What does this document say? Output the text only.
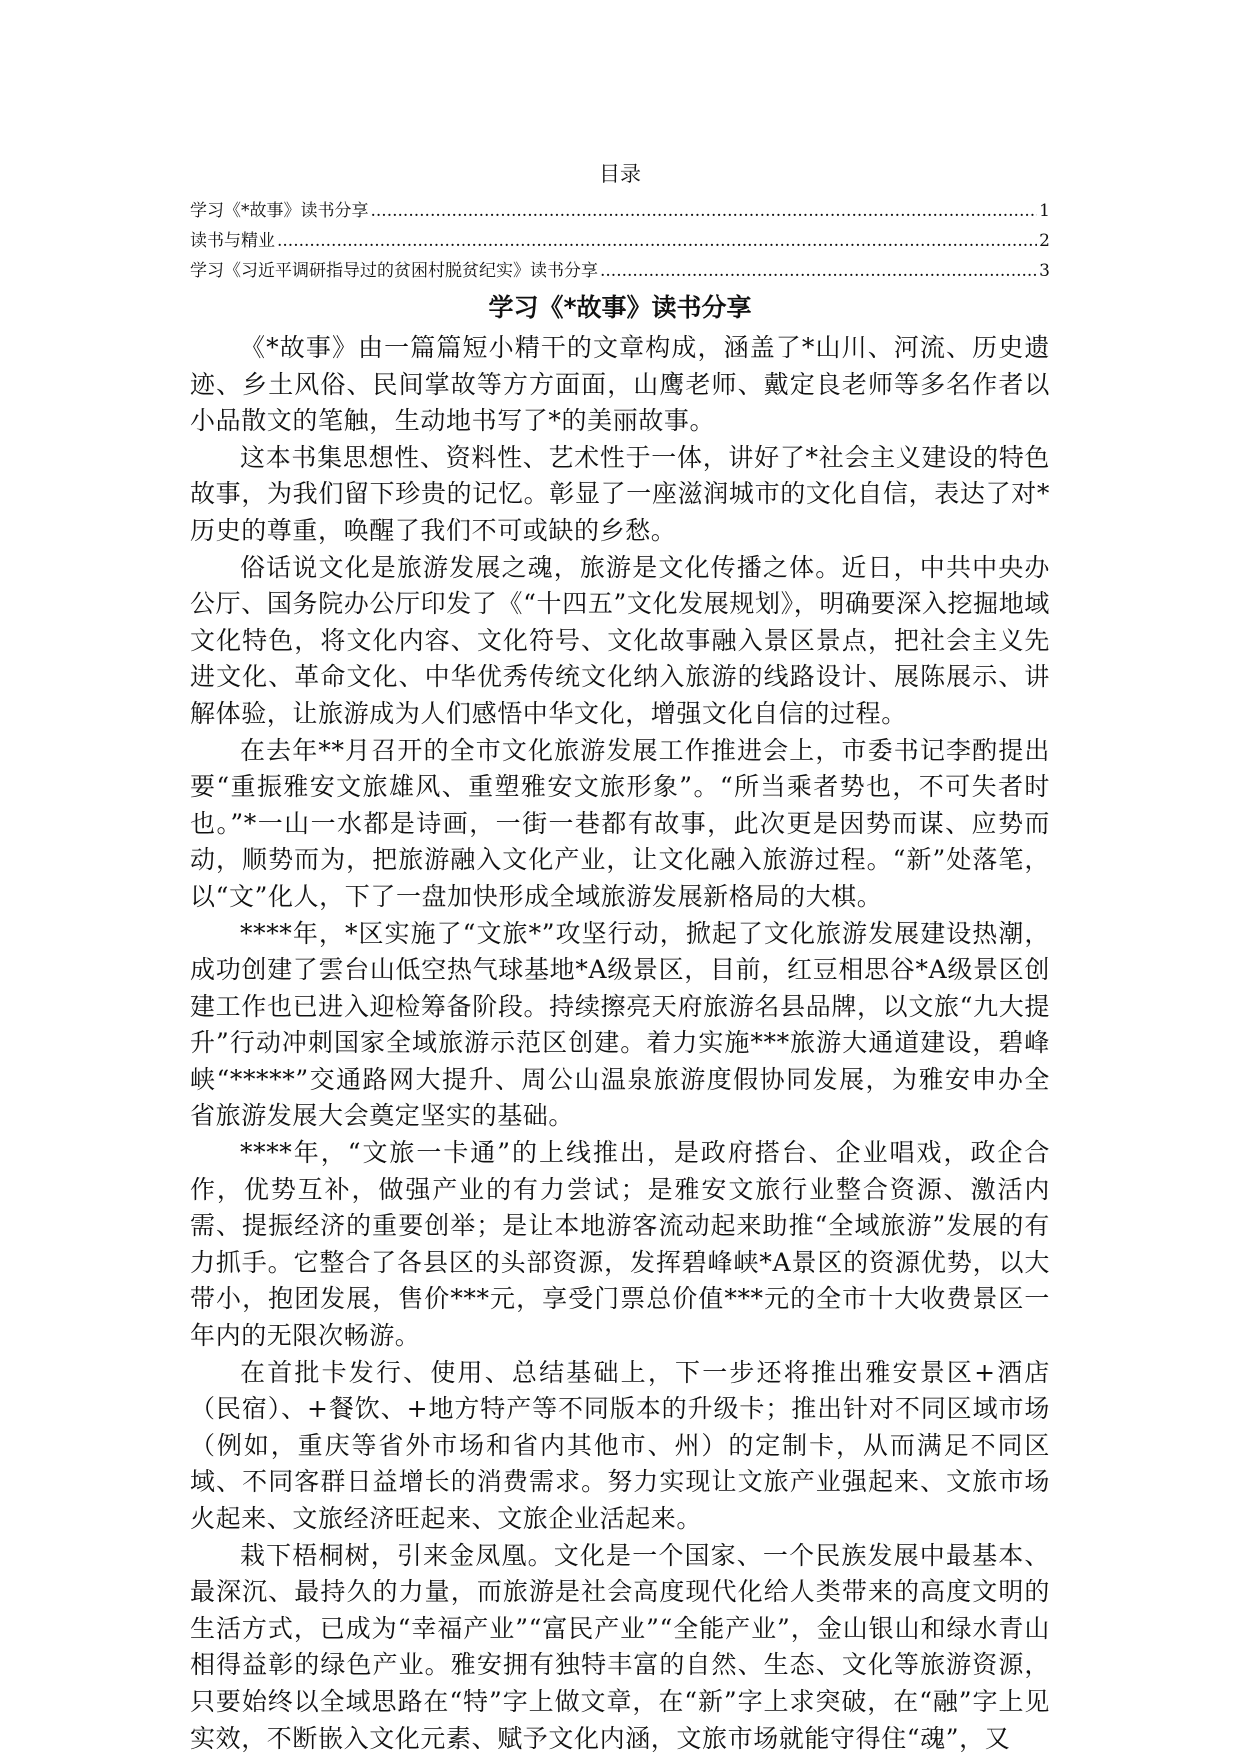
目录
学习《*故事》读书分享 .....	1
读书与精业 .....	2
学习《习近平调研指导过的贫困村脱贫纪实》读书分享 .....	3
学习《*故事》读书分享

《*故事》由一篇篇短小精干的文章构成，涵盖了*山川、河流、历史遗迹、乡土风俗、民间掌故等方方面面，山鹰老师、戴定良老师等多名作者以小品散文的笔触，生动地书写了*的美丽故事。

这本书集思想性、资料性、艺术性于一体，讲好了*社会主义建设的特色故事，为我们留下珍贵的记忆。彰显了一座滋润城市的文化自信，表达了对*历史的尊重，唤醒了我们不可或缺的乡愁。

俗话说文化是旅游发展之魂，旅游是文化传播之体。近日，中共中央办公厅、国务院办公厅印发了《“十四五”文化发展规划》，明确要深入挖掘地域文化特色，将文化内容、文化符号、文化故事融入景区景点，把社会主义先进文化、革命文化、中华优秀传统文化纳入旅游的线路设计、展陈展示、讲解体验，让旅游成为人们感悟中华文化，增强文化自信的过程。

在去年**月召开的全市文化旅游发展工作推进会上，市委书记李酌提出要“重振雅安文旅雄风、重塑雅安文旅形象”。“所当乘者势也，不可失者时也。”*一山一水都是诗画，一街一巷都有故事，此次更是因势而谋、应势而动，顺势而为，把旅游融入文化产业，让文化融入旅游过程。“新”处落笔，以“文”化人，下了一盘加快形成全域旅游发展新格局的大棋。

****年，*区实施了“文旅*”攻坚行动，掀起了文化旅游发展建设热潮，成功创建了雲台山低空热气球基地*A级景区，目前，红豆相思谷*A级景区创建工作也已进入迎检筹备阶段。持续擦亮天府旅游名县品牌，以文旅“九大提升”行动冲刺国家全域旅游示范区创建。着力实施***旅游大通道建设，碧峰峡“*****”交通路网大提升、周公山温泉旅游度假协同发展，为雅安申办全省旅游发展大会奠定坚实的基础。

****年，“文旅一卡通”的上线推出，是政府搭台、企业唱戏，政企合作，优势互补，做强产业的有力尝试；是雅安文旅行业整合资源、激活内需、提振经济的重要创举；是让本地游客流动起来助推“全域旅游”发展的有力抓手。它整合了各县区的头部资源，发挥碧峰峡*A景区的资源优势，以大带小，抱团发展，售价***元，享受门票总价值***元的全市十大收费景区一年内的无限次畅游。

在首批卡发行、使用、总结基础上，下一步还将推出雅安景区+酒店（民宿）、+餐饮、+地方特产等不同版本的升级卡；推出针对不同区域市场（例如，重庆等省外市场和省内其他市、州）的定制卡，从而满足不同区域、不同客群日益增长的消费需求。努力实现让文旅产业强起来、文旅市场火起来、文旅经济旺起来、文旅企业活起来。

栽下梧桐树，引来金凤凰。文化是一个国家、一个民族发展中最基本、最深沉、最持久的力量，而旅游是社会高度现代化给人类带来的高度文明的生活方式，已成为“幸福产业”“富民产业”“全能产业”，金山银山和绿水青山相得益彰的绿色产业。雅安拥有独特丰富的自然、生态、文化等旅游资源，只要始终以全域思路在“特”字上做文章，在“新”字上求突破，在“融”字上见实效，不断嵌入文化元素、赋予文化内涵，文旅市场就能守得住“魂”，又
